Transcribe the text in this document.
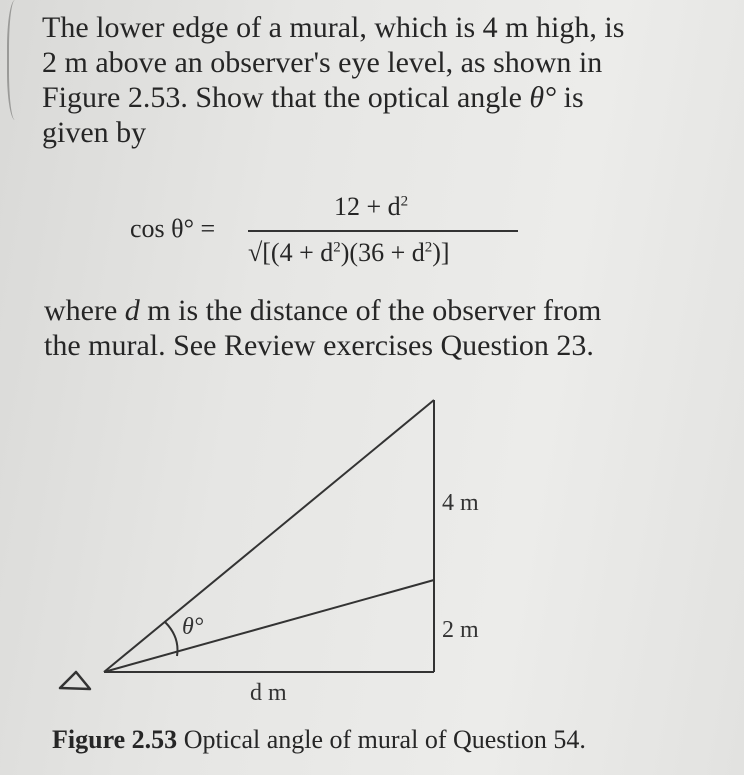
The lower edge of a mural, which is 4 m high, is
2 m above an observer's eye level, as shown in
Figure 2.53. Show that the optical angle θ° is
given by

cos θ° =
$12 + d^2$
$√[(4 + d^2)(36 + d^2)]$

where d m is the distance of the observer from
the mural. See Review exercises Question 23.

4 m
2 m
θ°
d m

Figure 2.53 Optical angle of mural of Question 54.
